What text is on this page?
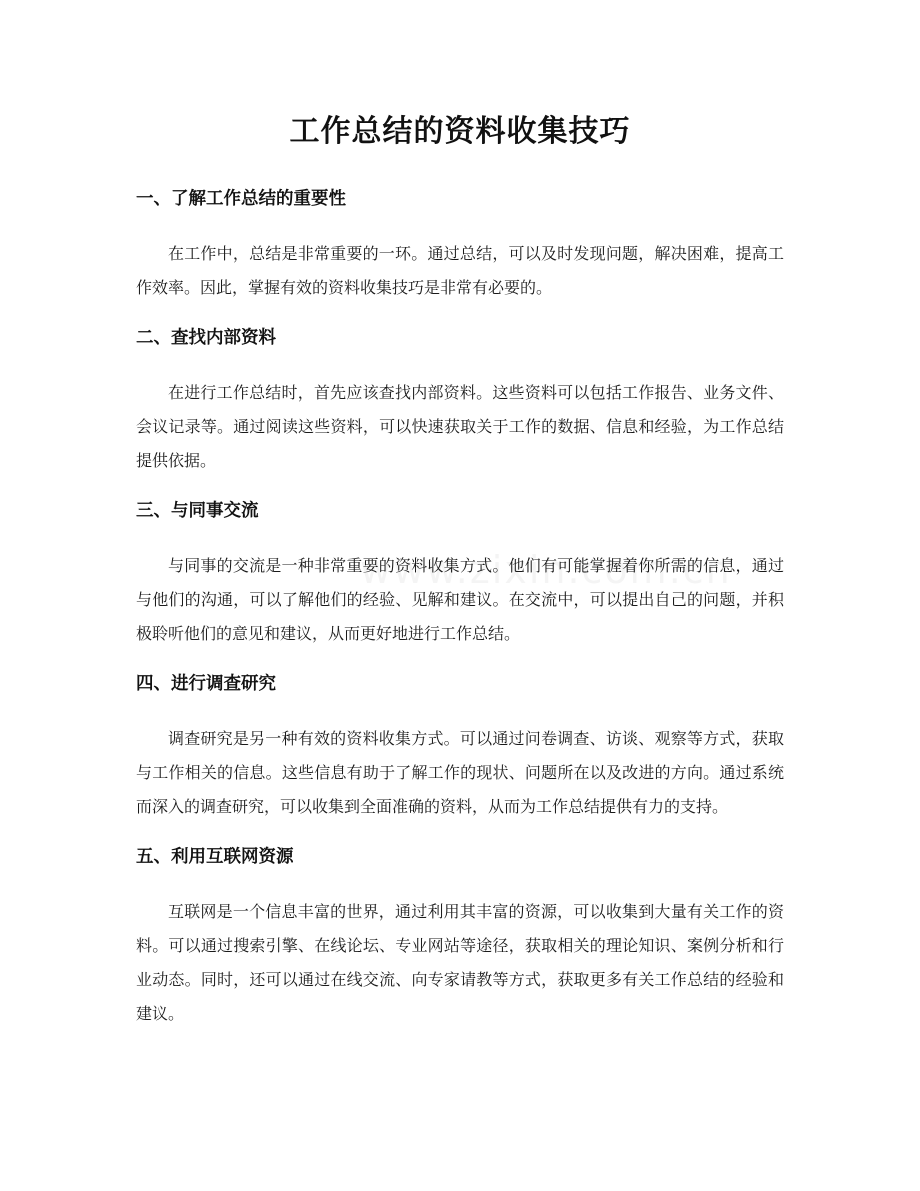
工作总结的资料收集技巧
一、了解工作总结的重要性

在工作中，总结是非常重要的一环。通过总结，可以及时发现问题，解决困难，提高工作效率。因此，掌握有效的资料收集技巧是非常有必要的。

二、查找内部资料

在进行工作总结时，首先应该查找内部资料。这些资料可以包括工作报告、业务文件、会议记录等。通过阅读这些资料，可以快速获取关于工作的数据、信息和经验，为工作总结提供依据。

三、与同事交流

与同事的交流是一种非常重要的资料收集方式。他们有可能掌握着你所需的信息，通过与他们的沟通，可以了解他们的经验、见解和建议。在交流中，可以提出自己的问题，并积极聆听他们的意见和建议，从而更好地进行工作总结。

四、进行调查研究

调查研究是另一种有效的资料收集方式。可以通过问卷调查、访谈、观察等方式，获取与工作相关的信息。这些信息有助于了解工作的现状、问题所在以及改进的方向。通过系统而深入的调查研究，可以收集到全面准确的资料，从而为工作总结提供有力的支持。

五、利用互联网资源

互联网是一个信息丰富的世界，通过利用其丰富的资源，可以收集到大量有关工作的资料。可以通过搜索引擎、在线论坛、专业网站等途径，获取相关的理论知识、案例分析和行业动态。同时，还可以通过在线交流、向专家请教等方式，获取更多有关工作总结的经验和建议。
